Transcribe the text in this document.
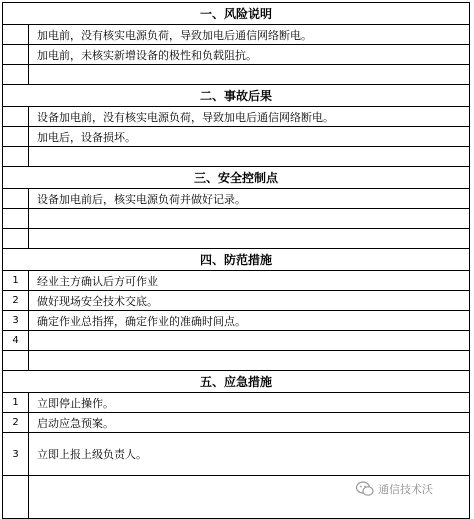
一、风险说明	
	加电前，没有核实电源负荷，导致加电后通信网络断电。
	加电前，未核实新增设备的极性和负载阻抗。

二、事故后果	
	设备加电前，没有核实电源负荷，导致加电后通信网络断电。
	加电后，设备损坏。

三、安全控制点	
	设备加电前后，核实电源负荷并做好记录。

四、防范措施	
1	经业主方确认后方可作业
2	做好现场安全技术交底。
3	确定作业总指挥，确定作业的准确时间点。
4	

五、应急措施	
1	立即停止操作。
2	启动应急预案。
3	立即上报上级负责人。

通信技术沃
